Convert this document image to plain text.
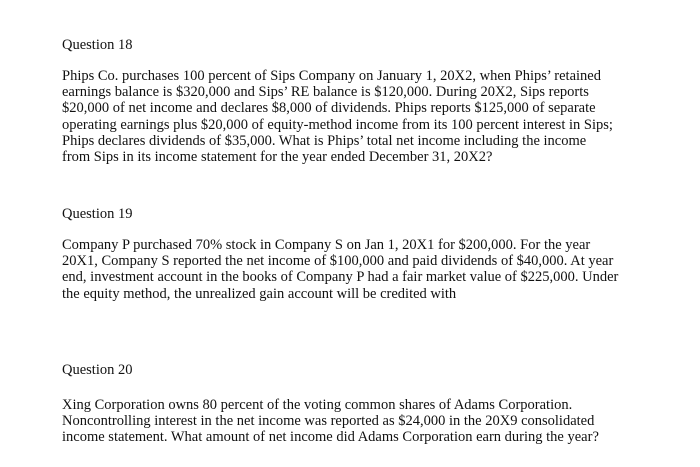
Question 18

Phips Co. purchases 100 percent of Sips Company on January 1, 20X2, when Phips’ retained
earnings balance is $320,000 and Sips’ RE balance is $120,000. During 20X2, Sips reports
$20,000 of net income and declares $8,000 of dividends. Phips reports $125,000 of separate
operating earnings plus $20,000 of equity-method income from its 100 percent interest in Sips;
Phips declares dividends of $35,000. What is Phips’ total net income including the income
from Sips in its income statement for the year ended December 31, 20X2?

Question 19

Company P purchased 70% stock in Company S on Jan 1, 20X1 for $200,000. For the year
20X1, Company S reported the net income of $100,000 and paid dividends of $40,000. At year
end, investment account in the books of Company P had a fair market value of $225,000. Under
the equity method, the unrealized gain account will be credited with

Question 20

Xing Corporation owns 80 percent of the voting common shares of Adams Corporation.
Noncontrolling interest in the net income was reported as $24,000 in the 20X9 consolidated
income statement. What amount of net income did Adams Corporation earn during the year?
